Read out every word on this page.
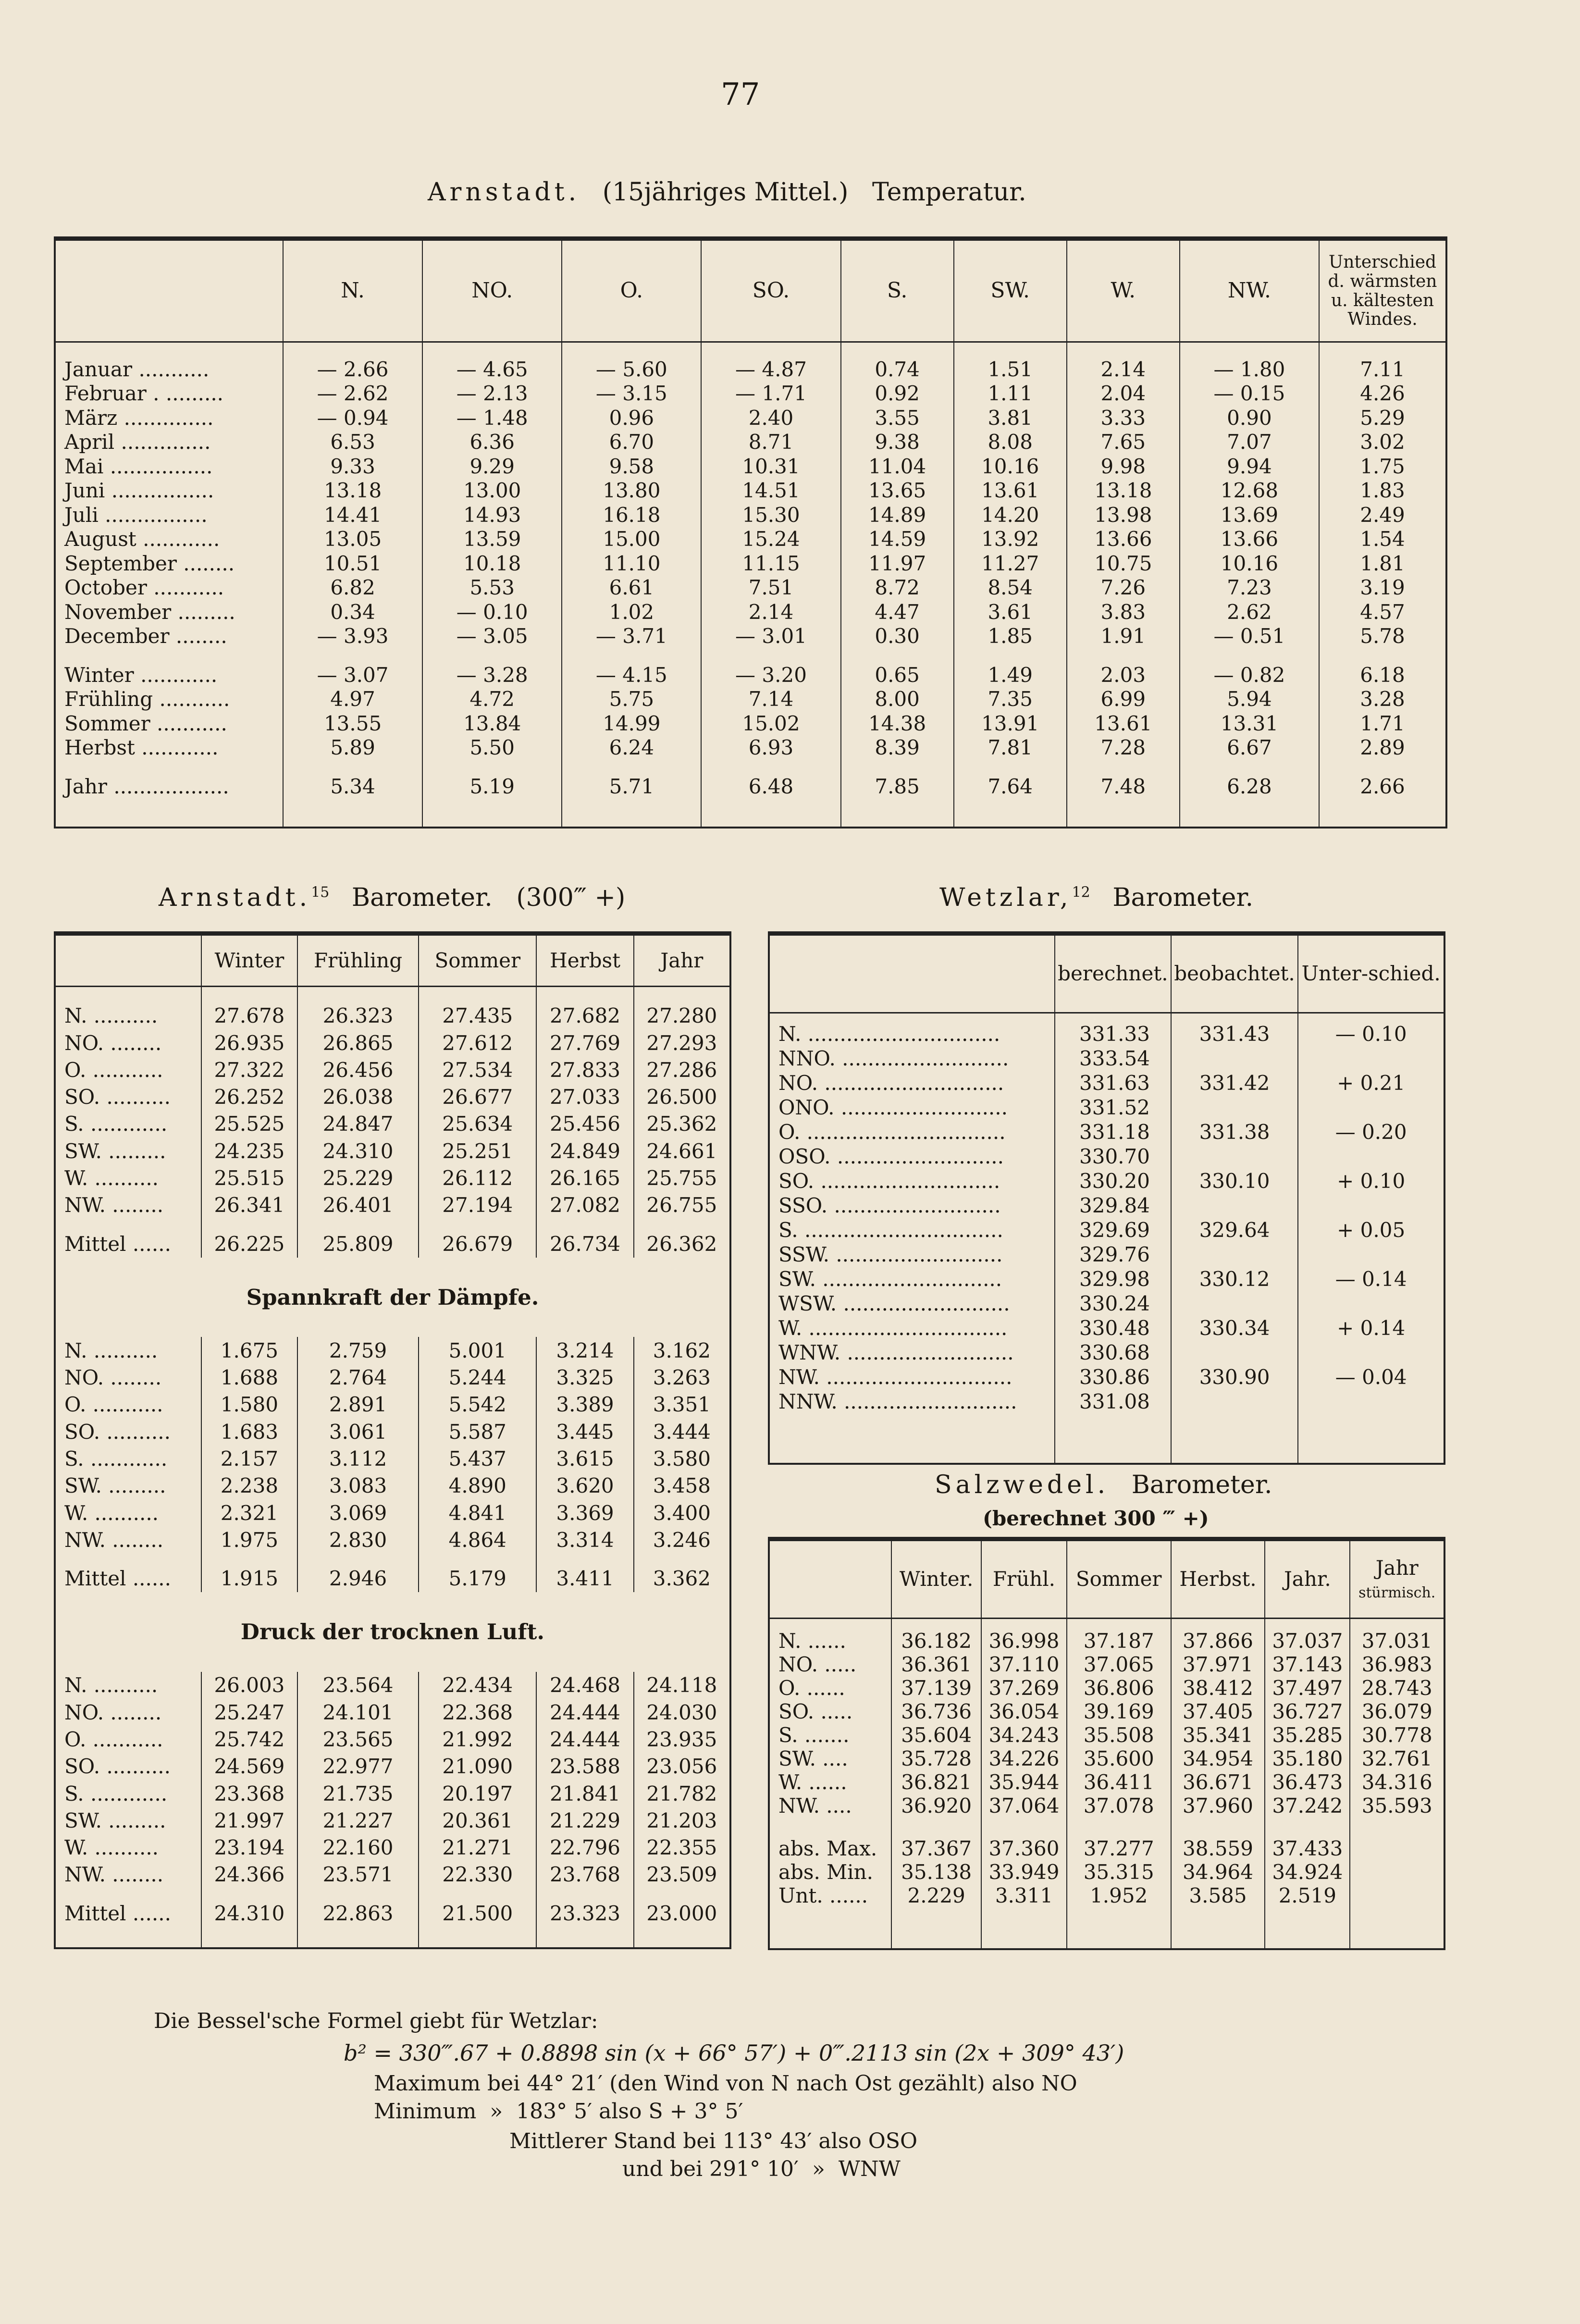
77
Arnstadt. (15jähriges Mittel.)   Temperatur.
	N.	NO.	O.	SO.	S.	SW.	W.	NW.	Unterschied d. wärmsten u. kältesten Windes.

Januar ...........	— 2.66	— 4.65	— 5.60	— 4.87	0.74	1.51	2.14	— 1.80	7.11
Februar . .........	— 2.62	— 2.13	— 3.15	— 1.71	0.92	1.11	2.04	— 0.15	4.26
März ..............	— 0.94	— 1.48	0.96	2.40	3.55	3.81	3.33	0.90	5.29
April ..............	6.53	6.36	6.70	8.71	9.38	8.08	7.65	7.07	3.02
Mai ................	9.33	9.29	9.58	10.31	11.04	10.16	9.98	9.94	1.75
Juni ................	13.18	13.00	13.80	14.51	13.65	13.61	13.18	12.68	1.83
Juli ................	14.41	14.93	16.18	15.30	14.89	14.20	13.98	13.69	2.49
August ............	13.05	13.59	15.00	15.24	14.59	13.92	13.66	13.66	1.54
September ........	10.51	10.18	11.10	11.15	11.97	11.27	10.75	10.16	1.81
October ...........	6.82	5.53	6.61	7.51	8.72	8.54	7.26	7.23	3.19
November .........	0.34	— 0.10	1.02	2.14	4.47	3.61	3.83	2.62	4.57
December ........	— 3.93	— 3.05	— 3.71	— 3.01	0.30	1.85	1.91	— 0.51	5.78

Winter ............	— 3.07	— 3.28	— 4.15	— 3.20	0.65	1.49	2.03	— 0.82	6.18
Frühling ...........	4.97	4.72	5.75	7.14	8.00	7.35	6.99	5.94	3.28
Sommer ...........	13.55	13.84	14.99	15.02	14.38	13.91	13.61	13.31	1.71
Herbst ............	5.89	5.50	6.24	6.93	8.39	7.81	7.28	6.67	2.89

Jahr ..................	5.34	5.19	5.71	6.48	7.85	7.64	7.48	6.28	2.66

Arnstadt.$^{15}$ Barometer.   (300‴ +)
	Winter	Frühling	Sommer	Herbst	Jahr

N. ..........	27.678	26.323	27.435	27.682	27.280
NO. ........	26.935	26.865	27.612	27.769	27.293
O. ...........	27.322	26.456	27.534	27.833	27.286
SO. ..........	26.252	26.038	26.677	27.033	26.500
S. ............	25.525	24.847	25.634	25.456	25.362
SW. .........	24.235	24.310	25.251	24.849	24.661
W. ..........	25.515	25.229	26.112	26.165	25.755
NW. ........	26.341	26.401	27.194	27.082	26.755

Mittel ......	26.225	25.809	26.679	26.734	26.362
Spannkraft der Dämpfe.					
N. ..........	1.675	2.759	5.001	3.214	3.162
NO. ........	1.688	2.764	5.244	3.325	3.263
O. ...........	1.580	2.891	5.542	3.389	3.351
SO. ..........	1.683	3.061	5.587	3.445	3.444
S. ............	2.157	3.112	5.437	3.615	3.580
SW. .........	2.238	3.083	4.890	3.620	3.458
W. ..........	2.321	3.069	4.841	3.369	3.400
NW. ........	1.975	2.830	4.864	3.314	3.246

Mittel ......	1.915	2.946	5.179	3.411	3.362
Druck der trocknen Luft.					
N. ..........	26.003	23.564	22.434	24.468	24.118
NO. ........	25.247	24.101	22.368	24.444	24.030
O. ...........	25.742	23.565	21.992	24.444	23.935
SO. ..........	24.569	22.977	21.090	23.588	23.056
S. ............	23.368	21.735	20.197	21.841	21.782
SW. .........	21.997	21.227	20.361	21.229	21.203
W. ..........	23.194	22.160	21.271	22.796	22.355
NW. ........	24.366	23.571	22.330	23.768	23.509

Mittel ......	24.310	22.863	21.500	23.323	23.000

Wetzlar,$^{12}$ Barometer.
	berechnet.	beobachtet.	Unter-schied.

N. ..............................	331.33	331.43	— 0.10
NNO. ..........................	333.54		
NO. ............................	331.63	331.42	+ 0.21
ONO. ..........................	331.52		
O. ...............................	331.18	331.38	— 0.20
OSO. ..........................	330.70		
SO. ............................	330.20	330.10	+ 0.10
SSO. ..........................	329.84		
S. ...............................	329.69	329.64	+ 0.05
SSW. ..........................	329.76		
SW. ............................	329.98	330.12	— 0.14
WSW. ..........................	330.24		
W. ...............................	330.48	330.34	+ 0.14
WNW. ..........................	330.68		
NW. .............................	330.86	330.90	— 0.04
NNW. ...........................	331.08		

Salzwedel. Barometer.
(berechnet 300 ‴ +)
	Winter.	Frühl.	Sommer	Herbst.	Jahr.	Jahr
stürmisch.

N. ......	36.182	36.998	37.187	37.866	37.037	37.031
NO. .....	36.361	37.110	37.065	37.971	37.143	36.983
O. ......	37.139	37.269	36.806	38.412	37.497	28.743
SO. .....	36.736	36.054	39.169	37.405	36.727	36.079
S. .......	35.604	34.243	35.508	35.341	35.285	30.778
SW. ....	35.728	34.226	35.600	34.954	35.180	32.761
W. ......	36.821	35.944	36.411	36.671	36.473	34.316
NW. ....	36.920	37.064	37.078	37.960	37.242	35.593

abs. Max.	37.367	37.360	37.277	38.559	37.433	
abs. Min.	35.138	33.949	35.315	34.964	34.924	
Unt. ......	2.229	3.311	1.952	3.585	2.519	

Die Bessel'sche Formel giebt für Wetzlar:
b² = 330‴.67 + 0.8898 sin (x + 66° 57′) + 0‴.2113 sin (2x + 309° 43′)
Maximum bei 44° 21′ (den Wind von N nach Ost gezählt) also NO
Minimum  »  183° 5′ also S + 3° 5′
Mittlerer Stand bei 113° 43′ also OSO
und bei 291° 10′  »  WNW
